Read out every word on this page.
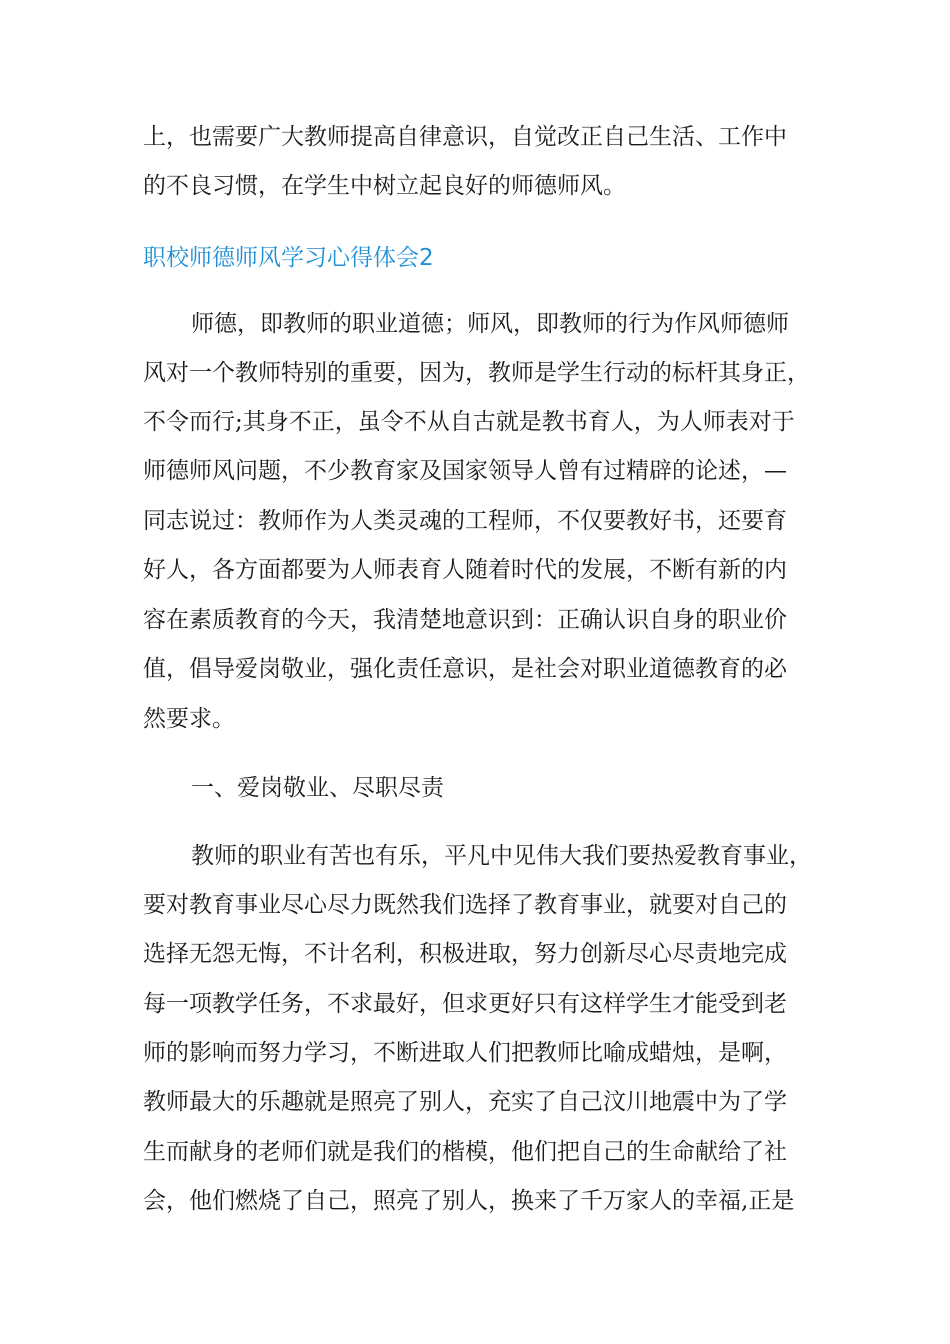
上，也需要广大教师提高自律意识，自觉改正自己生活、工作中
的不良习惯，在学生中树立起良好的师德师风。
职校师德师风学习心得体会2
师德，即教师的职业道德；师风，即教师的行为作风师德师
风对一个教师特别的重要，因为，教师是学生行动的标杆其身正，
不令而行;其身不正，虽令不从自古就是教书育人，为人师表对于
师德师风问题，不少教育家及国家领导人曾有过精辟的论述，—
同志说过：教师作为人类灵魂的工程师，不仅要教好书，还要育
好人，各方面都要为人师表育人随着时代的发展，不断有新的内
容在素质教育的今天，我清楚地意识到：正确认识自身的职业价
值，倡导爱岗敬业，强化责任意识，是社会对职业道德教育的必
然要求。
一、爱岗敬业、尽职尽责
教师的职业有苦也有乐，平凡中见伟大我们要热爱教育事业，
要对教育事业尽心尽力既然我们选择了教育事业，就要对自己的
选择无怨无悔，不计名利，积极进取，努力创新尽心尽责地完成
每一项教学任务，不求最好，但求更好只有这样学生才能受到老
师的影响而努力学习，不断进取人们把教师比喻成蜡烛，是啊，
教师最大的乐趣就是照亮了别人，充实了自己汶川地震中为了学
生而献身的老师们就是我们的楷模，他们把自己的生命献给了社
会，他们燃烧了自己，照亮了别人，换来了千万家人的幸福,正是
